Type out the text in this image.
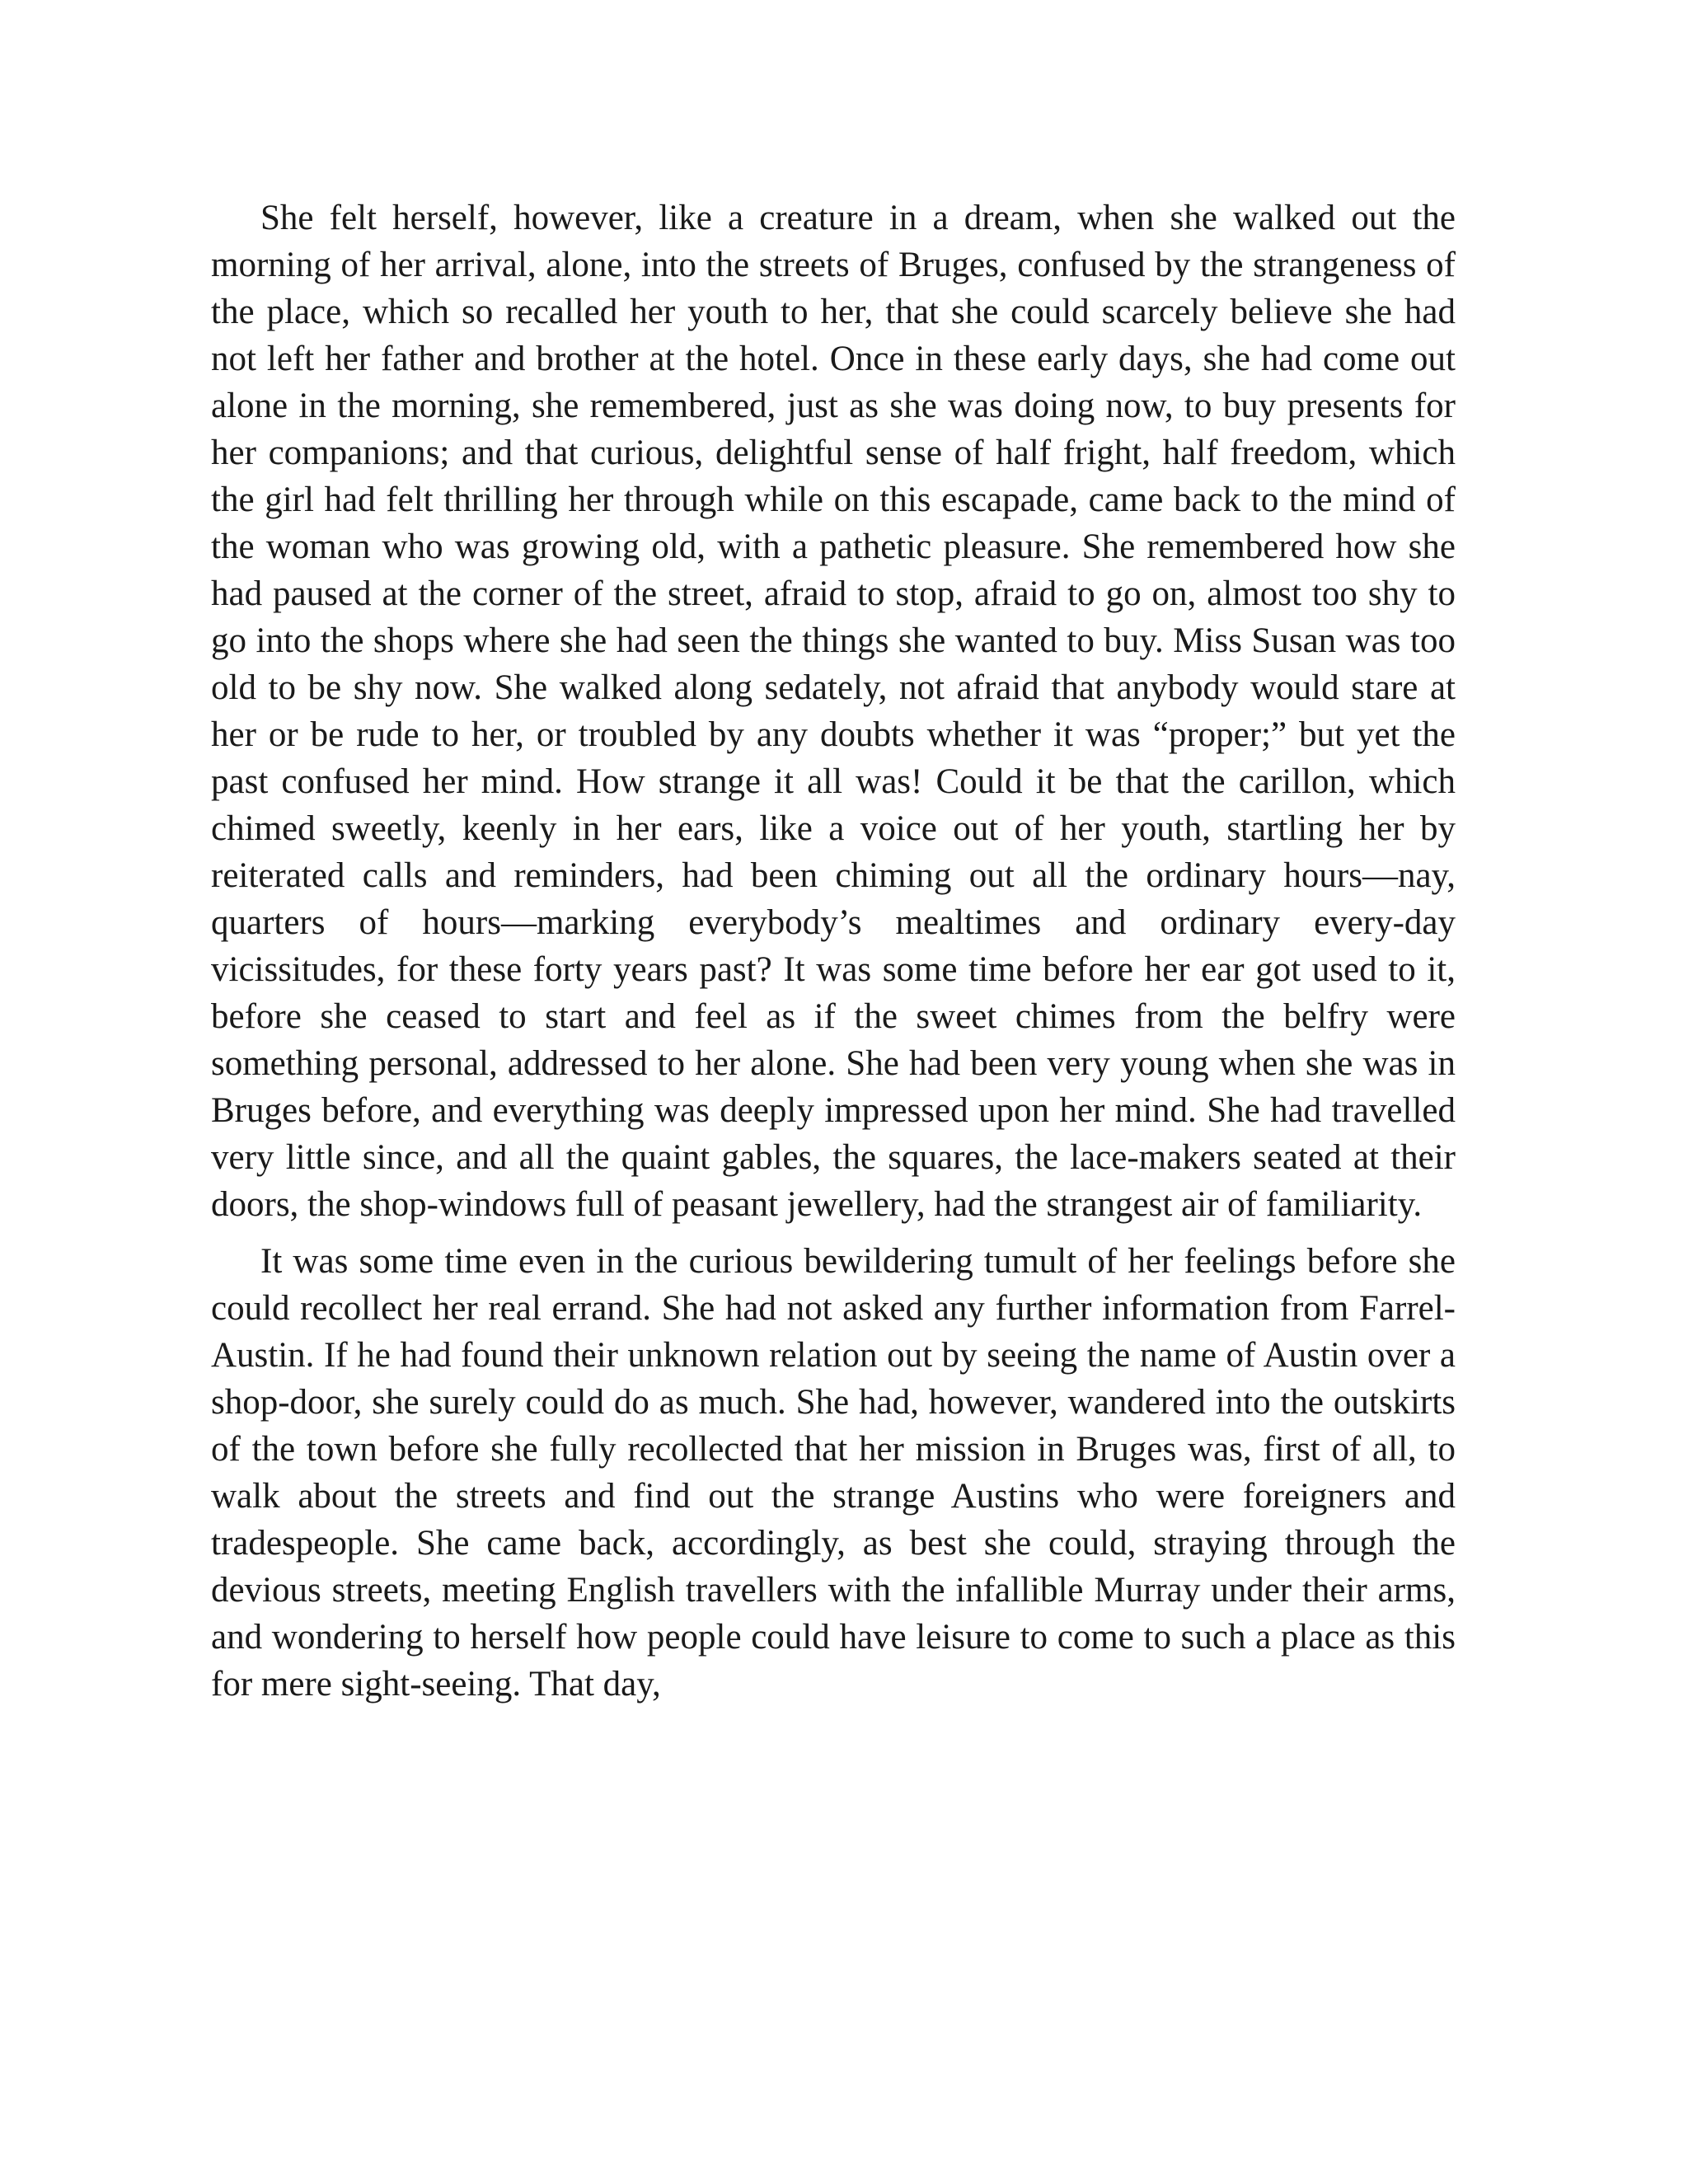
She felt herself, however, like a creature in a dream, when she walked out the morning of her arrival, alone, into the streets of Bruges, confused by the strangeness of the place, which so recalled her youth to her, that she could scarcely believe she had not left her father and brother at the hotel. Once in these early days, she had come out alone in the morning, she remembered, just as she was doing now, to buy presents for her companions; and that curious, delightful sense of half fright, half freedom, which the girl had felt thrilling her through while on this escapade, came back to the mind of the woman who was growing old, with a pathetic pleasure. She remembered how she had paused at the corner of the street, afraid to stop, afraid to go on, almost too shy to go into the shops where she had seen the things she wanted to buy. Miss Susan was too old to be shy now. She walked along sedately, not afraid that anybody would stare at her or be rude to her, or troubled by any doubts whether it was “proper;” but yet the past confused her mind. How strange it all was! Could it be that the carillon, which chimed sweetly, keenly in her ears, like a voice out of her youth, startling her by reiterated calls and reminders, had been chiming out all the ordinary hours—nay, quarters of hours—marking everybody’s mealtimes and ordinary every-day vicissitudes, for these forty years past? It was some time before her ear got used to it, before she ceased to start and feel as if the sweet chimes from the belfry were something personal, addressed to her alone. She had been very young when she was in Bruges before, and everything was deeply impressed upon her mind. She had travelled very little since, and all the quaint gables, the squares, the lace-makers seated at their doors, the shop-windows full of peasant jewellery, had the strangest air of familiarity.

It was some time even in the curious bewildering tumult of her feelings before she could recollect her real errand. She had not asked any further information from Farrel-Austin. If he had found their unknown relation out by seeing the name of Austin over a shop-door, she surely could do as much. She had, however, wandered into the outskirts of the town before she fully recollected that her mission in Bruges was, first of all, to walk about the streets and find out the strange Austins who were foreigners and tradespeople. She came back, accordingly, as best she could, straying through the devious streets, meeting English travellers with the infallible Murray under their arms, and wondering to herself how people could have leisure to come to such a place as this for mere sight-seeing. That day,
